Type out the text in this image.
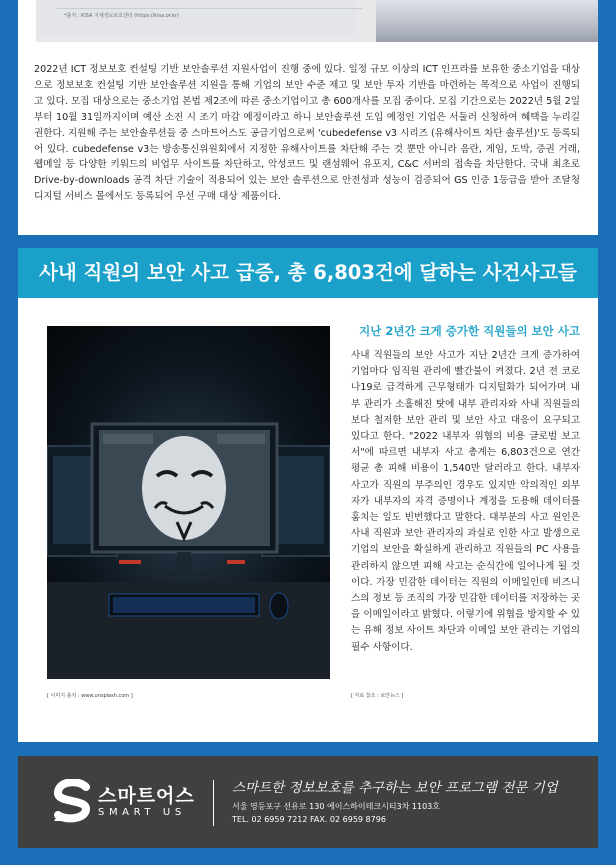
*출처 : KISA 지체정보보호센터 (https://kisa.or.kr)

2022년 ICT 정보보호 컨설팅 기반 보안솔루션 지원사업이 진행 중에 있다. 일정 규모 이상의 ICT 인프라를 보유한 중소기업을 대상으로 정보보호 컨설팅 기반 보안솔루션 지원을 통해 기업의 보안 수준 제고 및 보안 투자 기반을 마련하는 목적으로 사업이 진행되고 있다. 모집 대상으로는 중소기업 본법 제2조에 따른 중소기업이고 총 600개사를 모집 중이다. 모집 기간으로는 2022년 5월 2일부터 10월 31일까지이며 예산 소진 시 조기 마감 예정이라고 하니 보안솔루션 도입 예정인 기업은 서둘러 신청하여 혜택을 누리길 권한다. 지원해 주는 보안솔루션들 중 스마트어스도 공급기업으로써 'cubedefense v3 시리즈 (유해사이트 차단 솔루션)'도 등록되어 있다. cubedefense v3는 방송통신위원회에서 지정한 유해사이트를 차단해 주는 것 뿐만 아니라 음란, 게임, 도박, 증권 거래, 웹메일 등 다양한 키워드의 비업무 사이트를 차단하고, 악성코드 및 랜섬웨어 유포지, C&C 서버의 접속을 차단한다. 국내 최초로 Drive-by-downloads 공격 차단 기술이 적용되어 있는 보안 솔루션으로 안전성과 성능이 검증되어 GS 인증 1등급을 받아 조달청 디지털 서비스 몰에서도 등록되어 우선 구매 대상 제품이다.

사내 직원의 보안 사고 급증, 총 6,803건에 달하는 사건사고들
[ 이미지 출처 : www.unsplash.com ]
지난 2년간 크게 증가한 직원들의 보안 사고

사내 직원들의 보안 사고가 지난 2년간 크게 증가하여 기업마다 임직원 관리에 빨간불이 켜졌다. 2년 전 코로나19로 급격하게 근무형태가 디지털화가 되어가며 내부 관리가 소홀해진 탓에 내부 관리자와 사내 직원들의 보다 철저한 보안 관리 및 보안 사고 대응이 요구되고 있다고 한다. "2022 내부자 위협의 비용 글로벌 보고서"에 따르면 내부자 사고 총계는 6,803건으로 연간 평균 총 피해 비용이 1,540만 달러라고 한다. 내부자 사고가 직원의 부주의인 경우도 있지만 악의적인 외부자가 내부자의 자격 증명이나 계정을 도용해 데이터를 훔치는 일도 빈번했다고 말한다. 대부분의 사고 원인은 사내 직원과 보안 관리자의 과실로 인한 사고 발생으로 기업의 보안을 확실하게 관리하고 직원들의 PC 사용을 관리하지 않으면 피해 사고는 순식간에 일어나게 될 것이다. 가장 민감한 데이터는 직원의 이메일인데 비즈니스의 정보 등 조직의 가장 민감한 데이터를 저장하는 곳을 이메일이라고 밝혔다. 이렇기에 위협을 방지할 수 있는 유해 정보 사이트 차단과 이메일 보안 관리는 기업의 필수 사항이다.

[ 자료 참조 : 보안뉴스 ]
스마트어스
SMART US
스마트한 정보보호를 추구하는 보안 프로그램 전문 기업
서울 영등포구 선유로 130 에이스하이테크시티3차 1103호
TEL. 02 6959 7212 FAX. 02 6959 8796
